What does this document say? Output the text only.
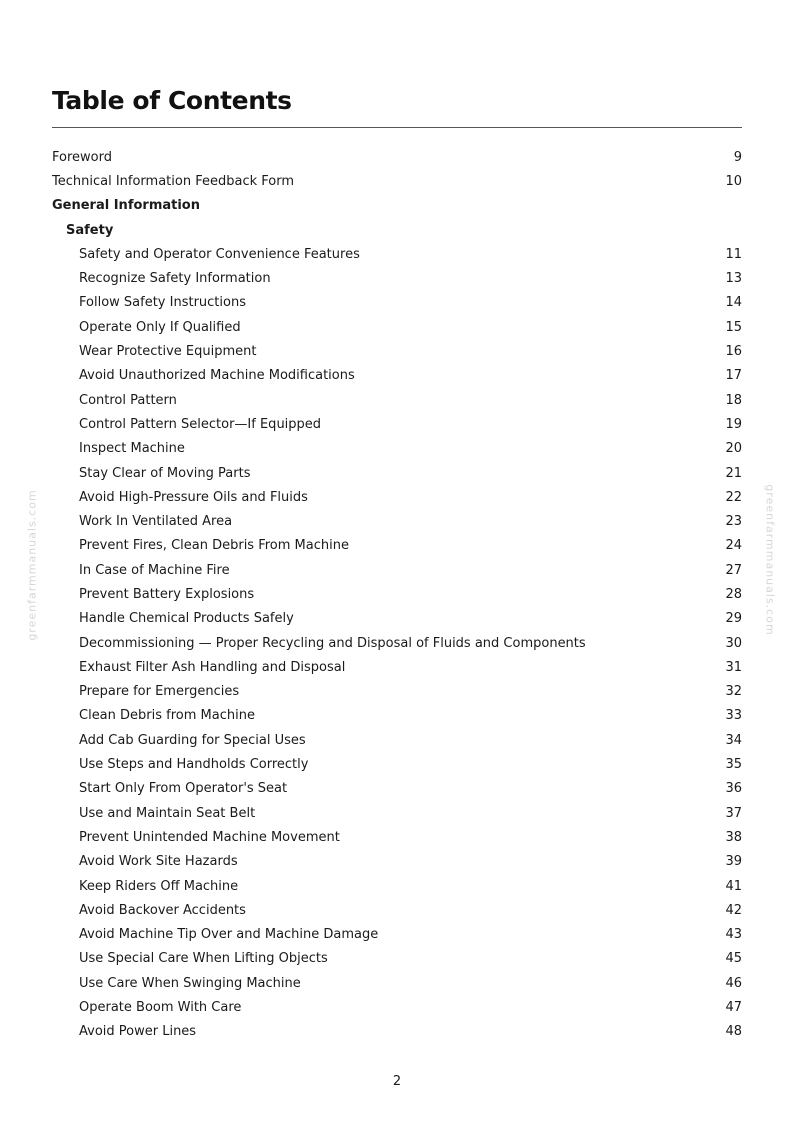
Table of Contents
Foreword	9
Technical Information Feedback Form	10
General Information
Safety
Safety and Operator Convenience Features	11
Recognize Safety Information	13
Follow Safety Instructions	14
Operate Only If Qualified	15
Wear Protective Equipment	16
Avoid Unauthorized Machine Modifications	17
Control Pattern	18
Control Pattern Selector—If Equipped	19
Inspect Machine	20
Stay Clear of Moving Parts	21
Avoid High-Pressure Oils and Fluids	22
Work In Ventilated Area	23
Prevent Fires, Clean Debris From Machine	24
In Case of Machine Fire	27
Prevent Battery Explosions	28
Handle Chemical Products Safely	29
Decommissioning — Proper Recycling and Disposal of Fluids and Components	30
Exhaust Filter Ash Handling and Disposal	31
Prepare for Emergencies	32
Clean Debris from Machine	33
Add Cab Guarding for Special Uses	34
Use Steps and Handholds Correctly	35
Start Only From Operator's Seat	36
Use and Maintain Seat Belt	37
Prevent Unintended Machine Movement	38
Avoid Work Site Hazards	39
Keep Riders Off Machine	41
Avoid Backover Accidents	42
Avoid Machine Tip Over and Machine Damage	43
Use Special Care When Lifting Objects	45
Use Care When Swinging Machine	46
Operate Boom With Care	47
Avoid Power Lines	48
greenfarmmanuals.com	greenfarmmanuals.com
2
